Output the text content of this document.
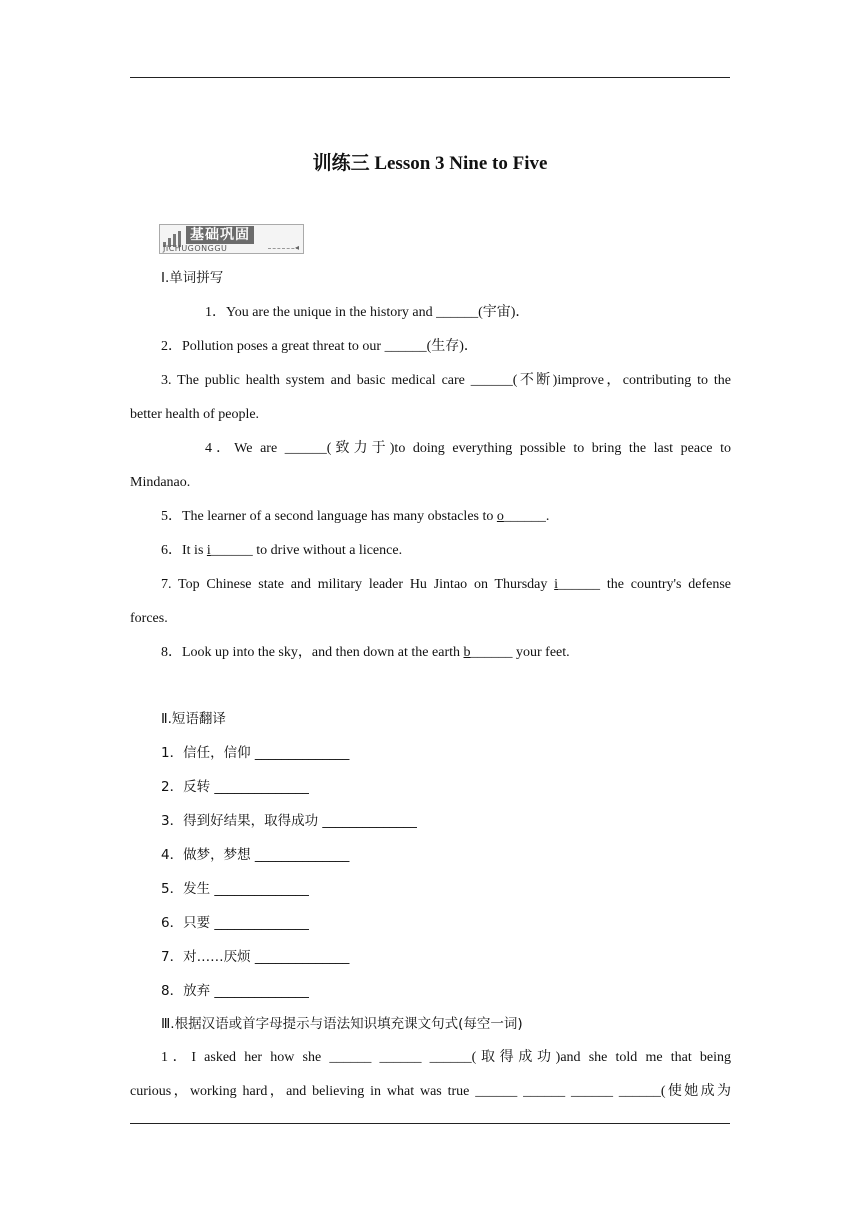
训练三 Lesson 3 Nine to Five
基础巩固
JICHUGONGGU	◂
Ⅰ.单词拼写
1．You are the unique in the history and ______(宇宙)．
2．Pollution poses a great threat to our ______(生存)．
3. The public health system and basic medical care ______(不断)improve，contributing to the
better health of people.
4．We are ______(致力于)to doing everything possible to bring the last peace to
Mindanao.
5．The learner of a second language has many obstacles to o______.
6．It is i______ to drive without a licence.
7. Top Chinese state and military leader Hu Jintao on Thursday i______ the country's defense
forces.
8．Look up into the sky，and then down at the earth b______ your feet.
Ⅱ.短语翻译
1．信任，信仰 ______________
2．反转 ______________
3．得到好结果，取得成功 ______________
4．做梦，梦想 ______________
5．发生 ______________
6．只要 ______________
7．对……厌烦 ______________
8．放弃 ______________
Ⅲ.根据汉语或首字母提示与语法知识填充课文句式(每空一词)
1．I asked her how she ______ ______ ______(取得成功)and she told me that being
curious，working hard，and believing in what was true ______ ______ ______ ______(使她成为
